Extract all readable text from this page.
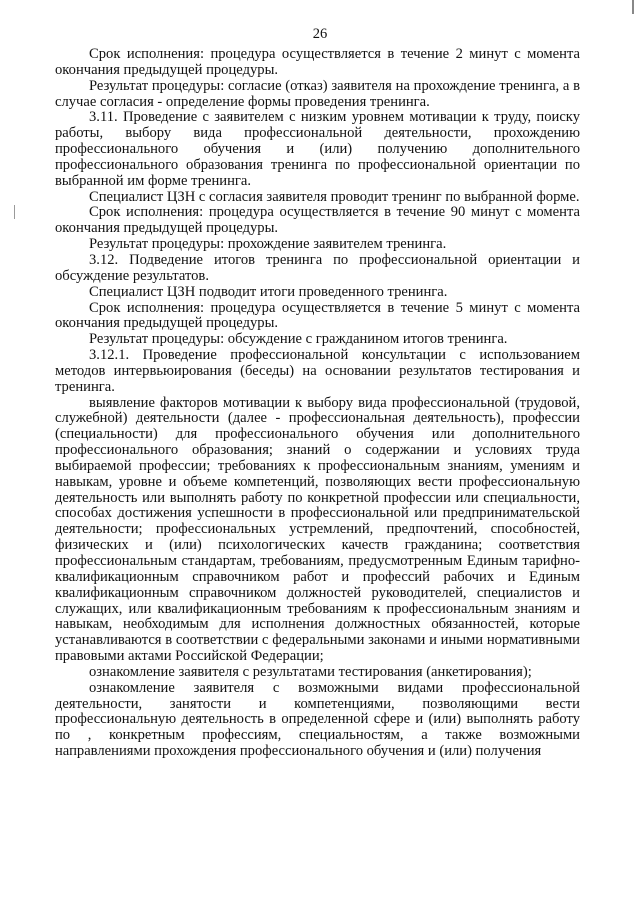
26

Срок исполнения: процедура осуществляется в течение 2 минут с момента окончания предыдущей процедуры.

Результат процедуры: согласие (отказ) заявителя на прохождение тренинга, а в случае согласия - определение формы проведения тренинга.

3.11. Проведение с заявителем с низким уровнем мотивации к труду, поиску работы, выбору вида профессиональной деятельности, прохождению профессионального обучения и (или) получению дополнительного профессионального образования тренинга по профессиональной ориентации по выбранной им форме тренинга.

Специалист ЦЗН с согласия заявителя проводит тренинг по выбранной форме.

Срок исполнения: процедура осуществляется в течение 90 минут с момента окончания предыдущей процедуры.

Результат процедуры: прохождение заявителем тренинга.

3.12. Подведение итогов тренинга по профессиональной ориентации и обсуждение результатов.

Специалист ЦЗН подводит итоги проведенного тренинга.

Срок исполнения: процедура осуществляется в течение 5 минут с момента окончания предыдущей процедуры.

Результат процедуры: обсуждение с гражданином итогов тренинга.

3.12.1. Проведение профессиональной консультации с использованием методов интервьюирования (беседы) на основании результатов тестирования и тренинга.

выявление факторов мотивации к выбору вида профессиональной (трудовой, служебной) деятельности (далее - профессиональная деятельность), профессии (специальности) для профессионального обучения или дополнительного профессионального образования; знаний о содержании и условиях труда выбираемой профессии; требованиях к профессиональным знаниям, умениям и навыкам, уровне и объеме компетенций, позволяющих вести профессиональную деятельность или выполнять работу по конкретной профессии или специальности, способах достижения успешности в профессиональной или предпринимательской деятельности; профессиональных устремлений, предпочтений, способностей, физических и (или) психологических качеств гражданина; соответствия профессиональным стандартам, требованиям, предусмотренным Единым тарифно-квалификационным справочником работ и профессий рабочих и Единым квалификационным справочником должностей руководителей, специалистов и служащих, или квалификационным требованиям к профессиональным знаниям и навыкам, необходимым для исполнения должностных обязанностей, которые устанавливаются в соответствии с федеральными законами и иными нормативными правовыми актами Российской Федерации;

ознакомление заявителя с результатами тестирования (анкетирования);

ознакомление заявителя с возможными видами профессиональной деятельности, занятости и компетенциями, позволяющими вести профессиональную деятельность в определенной сфере и (или) выполнять работу по , конкретным профессиям, специальностям, а также возможными направлениями прохождения профессионального обучения и (или) получения
